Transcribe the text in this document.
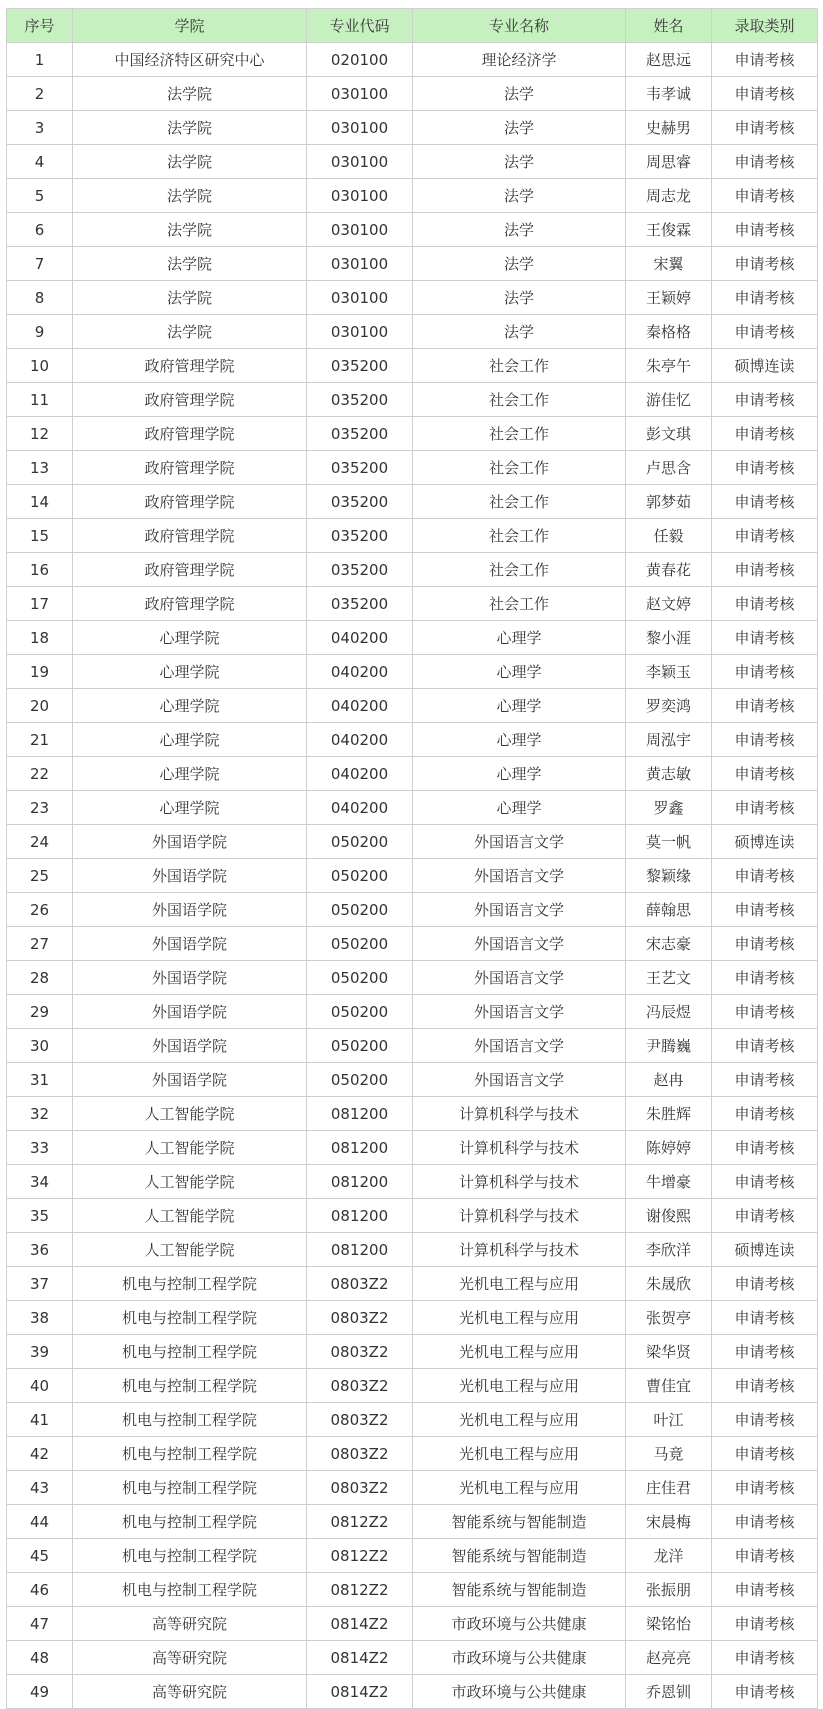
序号	学院	专业代码	专业名称	姓名	录取类别
1	中国经济特区研究中心	020100	理论经济学	赵思远	申请考核
2	法学院	030100	法学	韦孝诚	申请考核
3	法学院	030100	法学	史赫男	申请考核
4	法学院	030100	法学	周思睿	申请考核
5	法学院	030100	法学	周志龙	申请考核
6	法学院	030100	法学	王俊霖	申请考核
7	法学院	030100	法学	宋翼	申请考核
8	法学院	030100	法学	王颖婷	申请考核
9	法学院	030100	法学	秦格格	申请考核
10	政府管理学院	035200	社会工作	朱亭午	硕博连读
11	政府管理学院	035200	社会工作	游佳忆	申请考核
12	政府管理学院	035200	社会工作	彭文琪	申请考核
13	政府管理学院	035200	社会工作	卢思含	申请考核
14	政府管理学院	035200	社会工作	郭梦茹	申请考核
15	政府管理学院	035200	社会工作	任毅	申请考核
16	政府管理学院	035200	社会工作	黄春花	申请考核
17	政府管理学院	035200	社会工作	赵文婷	申请考核
18	心理学院	040200	心理学	黎小涯	申请考核
19	心理学院	040200	心理学	李颖玉	申请考核
20	心理学院	040200	心理学	罗奕鸿	申请考核
21	心理学院	040200	心理学	周泓宇	申请考核
22	心理学院	040200	心理学	黄志敏	申请考核
23	心理学院	040200	心理学	罗鑫	申请考核
24	外国语学院	050200	外国语言文学	莫一帆	硕博连读
25	外国语学院	050200	外国语言文学	黎颖缘	申请考核
26	外国语学院	050200	外国语言文学	薛翰思	申请考核
27	外国语学院	050200	外国语言文学	宋志豪	申请考核
28	外国语学院	050200	外国语言文学	王艺文	申请考核
29	外国语学院	050200	外国语言文学	冯辰煜	申请考核
30	外国语学院	050200	外国语言文学	尹腾巍	申请考核
31	外国语学院	050200	外国语言文学	赵冉	申请考核
32	人工智能学院	081200	计算机科学与技术	朱胜辉	申请考核
33	人工智能学院	081200	计算机科学与技术	陈婷婷	申请考核
34	人工智能学院	081200	计算机科学与技术	牛增豪	申请考核
35	人工智能学院	081200	计算机科学与技术	谢俊熙	申请考核
36	人工智能学院	081200	计算机科学与技术	李欣洋	硕博连读
37	机电与控制工程学院	0803Z2	光机电工程与应用	朱晟欣	申请考核
38	机电与控制工程学院	0803Z2	光机电工程与应用	张贺亭	申请考核
39	机电与控制工程学院	0803Z2	光机电工程与应用	梁华贤	申请考核
40	机电与控制工程学院	0803Z2	光机电工程与应用	曹佳宜	申请考核
41	机电与控制工程学院	0803Z2	光机电工程与应用	叶江	申请考核
42	机电与控制工程学院	0803Z2	光机电工程与应用	马竟	申请考核
43	机电与控制工程学院	0803Z2	光机电工程与应用	庄佳君	申请考核
44	机电与控制工程学院	0812Z2	智能系统与智能制造	宋晨梅	申请考核
45	机电与控制工程学院	0812Z2	智能系统与智能制造	龙洋	申请考核
46	机电与控制工程学院	0812Z2	智能系统与智能制造	张振朋	申请考核
47	高等研究院	0814Z2	市政环境与公共健康	梁铭怡	申请考核
48	高等研究院	0814Z2	市政环境与公共健康	赵亮亮	申请考核
49	高等研究院	0814Z2	市政环境与公共健康	乔恩钏	申请考核
